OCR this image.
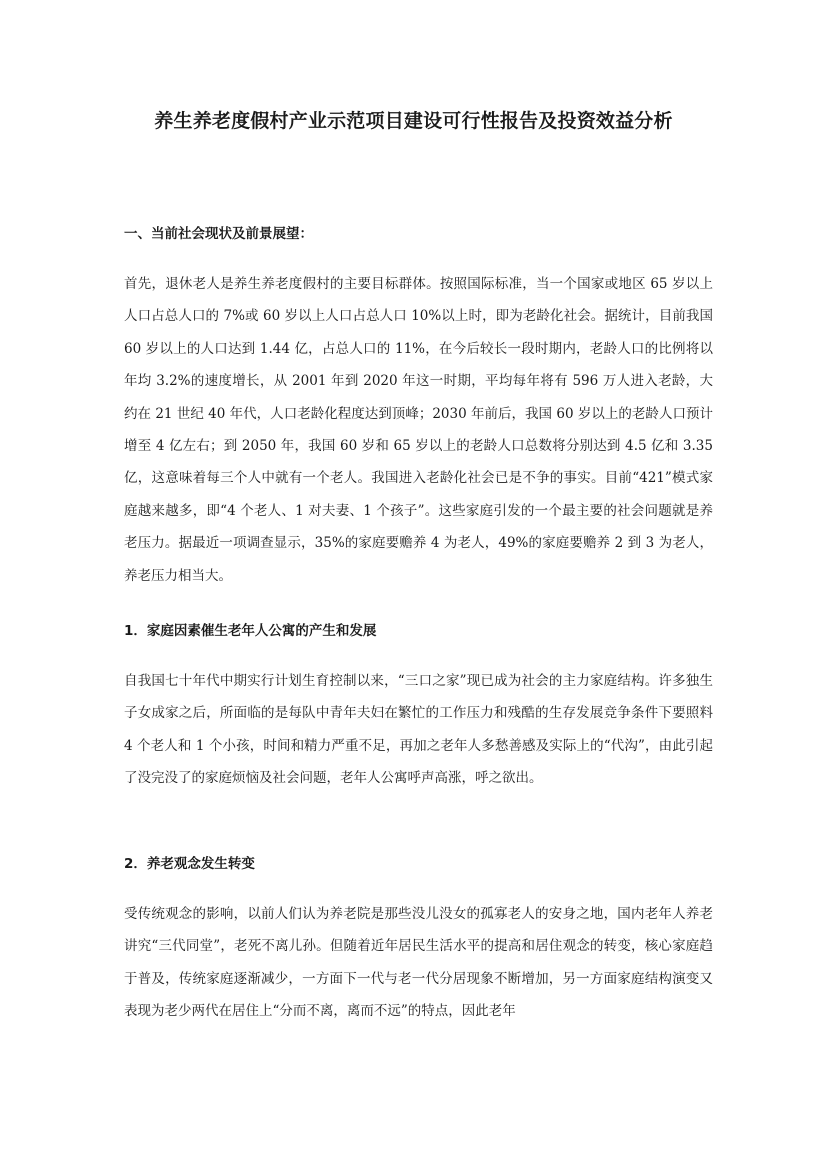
养生养老度假村产业示范项目建设可行性报告及投资效益分析
一、当前社会现状及前景展望：

首先，退休老人是养生养老度假村的主要目标群体。按照国际标准，当一个国家或地区 65 岁以上人口占总人口的 7%或 60 岁以上人口占总人口 10%以上时，即为老龄化社会。据统计，目前我国 60 岁以上的人口达到 1.44 亿，占总人口的 11%，在今后较长一段时期内，老龄人口的比例将以年均 3.2%的速度增长，从 2001 年到 2020 年这一时期，平均每年将有 596 万人进入老龄，大约在 21 世纪 40 年代，人口老龄化程度达到顶峰；2030 年前后，我国 60 岁以上的老龄人口预计增至 4 亿左右；到 2050 年，我国 60 岁和 65 岁以上的老龄人口总数将分别达到 4.5 亿和 3.35 亿，这意味着每三个人中就有一个老人。我国进入老龄化社会已是不争的事实。目前“421”模式家庭越来越多，即“4 个老人、1 对夫妻、1 个孩子”。这些家庭引发的一个最主要的社会问题就是养老压力。据最近一项调查显示，35%的家庭要赡养 4 为老人，49%的家庭要赡养 2 到 3 为老人，养老压力相当大。

1．家庭因素催生老年人公寓的产生和发展

自我国七十年代中期实行计划生育控制以来，“三口之家”现已成为社会的主力家庭结构。许多独生子女成家之后，所面临的是每队中青年夫妇在繁忙的工作压力和残酷的生存发展竞争条件下要照料 4 个老人和 1 个小孩，时间和精力严重不足，再加之老年人多愁善感及实际上的“代沟”，由此引起了没完没了的家庭烦恼及社会问题，老年人公寓呼声高涨，呼之欲出。

2．养老观念发生转变

受传统观念的影响，以前人们认为养老院是那些没儿没女的孤寡老人的安身之地，国内老年人养老讲究“三代同堂”，老死不离儿孙。但随着近年居民生活水平的提高和居住观念的转变，核心家庭趋于普及，传统家庭逐渐减少，一方面下一代与老一代分居现象不断增加，另一方面家庭结构演变又表现为老少两代在居住上“分而不离，离而不远”的特点，因此老年
